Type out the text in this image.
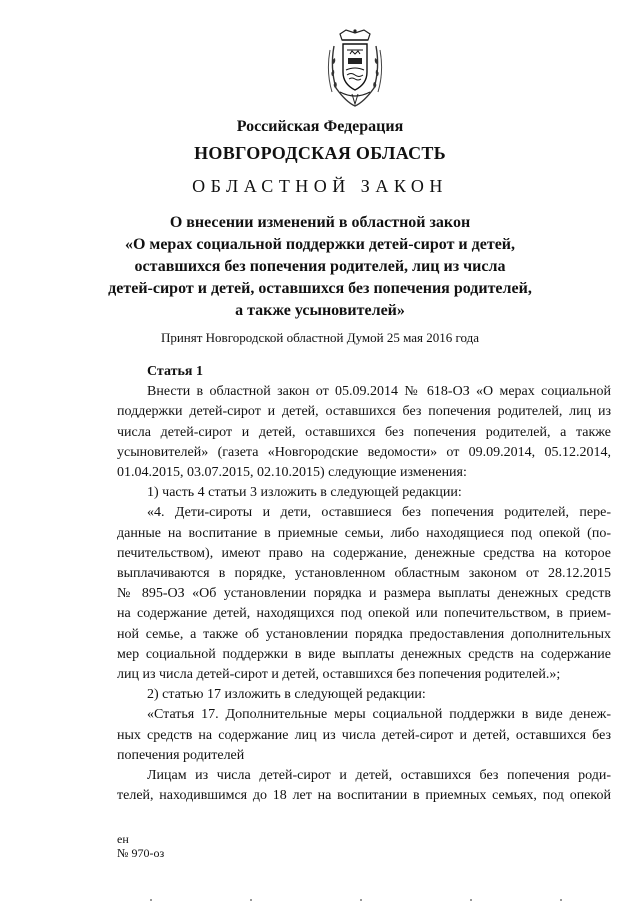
Российская Федерация
НОВГОРОДСКАЯ ОБЛАСТЬ
ОБЛАСТНОЙ ЗАКОН
О внесении изменений в областной закон
«О мерах социальной поддержки детей-сирот и детей,
оставшихся без попечения родителей, лиц из числа
детей-сирот и детей, оставшихся без попечения родителей,
а также усыновителей»
Принят Новгородской областной Думой 25 мая 2016 года

Статья 1

Внести в областной закон от 05.09.2014 № 618-ОЗ «О мерах социальной

поддержки детей-сирот и детей, оставшихся без попечения родителей, лиц из

числа детей-сирот и детей, оставшихся без попечения родителей, а также

усыновителей» (газета «Новгородские ведомости» от 09.09.2014, 05.12.2014,

01.04.2015, 03.07.2015, 02.10.2015) следующие изменения:

1) часть 4 статьи 3 изложить в следующей редакции:

«4. Дети-сироты и дети, оставшиеся без попечения родителей, пере-

данные на воспитание в приемные семьи, либо находящиеся под опекой (по-

печительством), имеют право на содержание, денежные средства на которое

выплачиваются в порядке, установленном областным законом от 28.12.2015

№ 895-ОЗ «Об установлении порядка и размера выплаты денежных средств

на содержание детей, находящихся под опекой или попечительством, в прием-

ной семье, а также об установлении порядка предоставления дополнительных

мер социальной поддержки в виде выплаты денежных средств на содержание

лиц из числа детей-сирот и детей, оставшихся без попечения родителей.»;

2) статью 17 изложить в следующей редакции:

«Статья 17. Дополнительные меры социальной поддержки в виде денеж-

ных средств на содержание лиц из числа детей-сирот и детей, оставшихся без

попечения родителей

Лицам из числа детей-сирот и детей, оставшихся без попечения роди-

телей, находившимся до 18 лет на воспитании в приемных семьях, под опекой

ен
№ 970-оз
